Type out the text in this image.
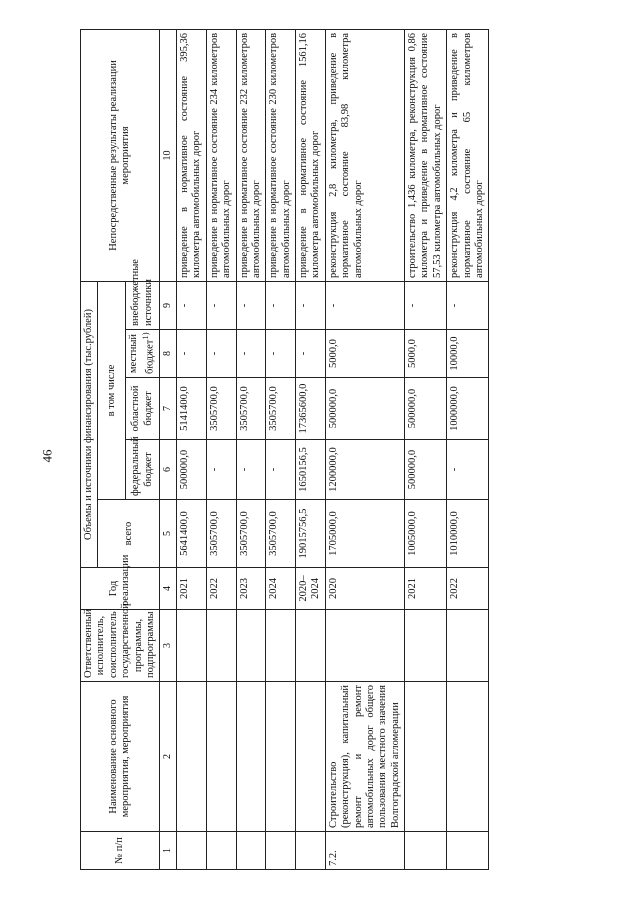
46
№ п/п	Наименование основного мероприятия, мероприятия	Ответственный исполнитель, соисполнитель государственной программы, подпрограммы	Год реализации	Объемы и источники финансирования (тыс.рублей)					Непосредственные результаты реализации мероприятия
				всего	в том числе				
					федеральный бюджет	областной бюджет	местный бюджет$^{1)}$	внебюджетные источники	
1	2	3	4	5	6	7	8	9	10
			2021	5641400,0	500000,0	5141400,0	-	-	приведение в нормативное состояние 395,36 километра автомобильных дорог
			2022	3505700,0	-	3505700,0	-	-	приведение в нормативное состояние 234 километров автомобильных дорог
			2023	3505700,0	-	3505700,0	-	-	приведение в нормативное состояние 232 километров автомобильных дорог
			2024	3505700,0	-	3505700,0	-	-	приведение в нормативное состояние 230 километров автомобильных дорог
			2020–2024	19015756,5	1650156,5	17365600,0	-	-	приведение в нормативное состояние 1561,16 километра автомобильных дорог
7.2.	Строительство (реконструкция), капитальный ремонт и ремонт автомобильных дорог общего пользования местного значения Волгоградской агломерации		2020	1705000,0	1200000,0	500000,0	5000,0	-	реконструкция 2,8 километра, приведение в нормативное состояние 83,98 километра автомобильных дорог
			2021	1005000,0	500000,0	500000,0	5000,0	-	строительство 1,436 километра, реконструкция 0,86 километра и приведение в нормативное состояние 57,53 километра автомобильных дорог
			2022	1010000,0	-	1000000,0	10000,0	-	реконструкция 4,2 километра и приведение в нормативное состояние 65 километров автомобильных дорог
